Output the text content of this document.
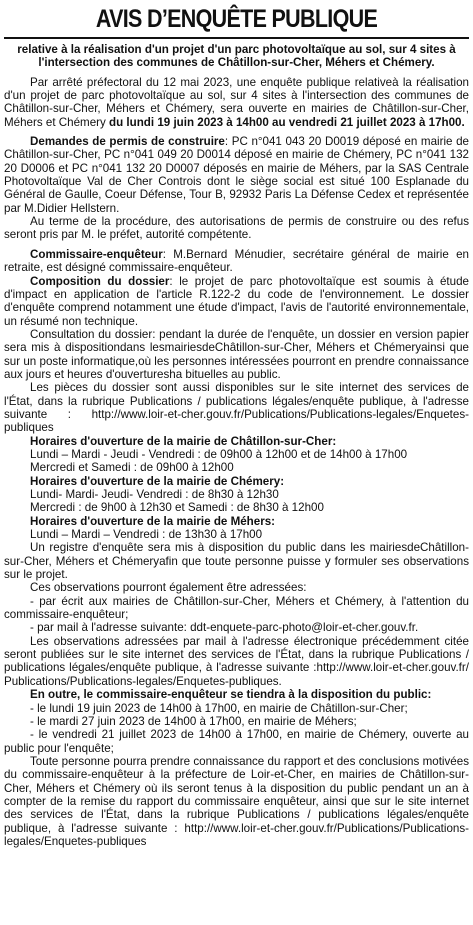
AVIS D’ENQUÊTE PUBLIQUE

relative à la réalisation d'un projet d'un parc photovoltaïque au sol, sur 4 sites à l'intersection des communes de Châtillon-sur-Cher, Méhers et Chémery.

Par arrêté préfectoral du 12 mai 2023, une enquête publique relativeà la réalisation d'un projet de parc photovoltaïque au sol, sur 4 sites à l'intersection des communes de Châtillon-sur-Cher, Méhers et Chémery, sera ouverte en mairies de Châtillon-sur-Cher, Méhers et Chémery du lundi 19 juin 2023 à 14h00 au vendredi 21 juillet 2023 à 17h00.

Demandes de permis de construire: PC n°041 043 20 D0019 déposé en mairie de Châtillon-sur-Cher, PC n°041 049 20 D0014 déposé en mairie de Chémery, PC n°041 132 20 D0006 et PC n°041 132 20 D0007 déposés en mairie de Méhers, par la SAS Centrale Photovoltaïque Val de Cher Controis dont le siège social est situé 100 Esplanade du Général de Gaulle, Coeur Défense, Tour B, 92932 Paris La Défense Cedex et représentée par M.Didier Hellstern.

Au terme de la procédure, des autorisations de permis de construire ou des refus seront pris par M. le préfet, autorité compétente.

Commissaire-enquêteur: M.Bernard Ménudier, secrétaire général de mairie en retraite, est désigné commissaire-enquêteur.

Composition du dossier: le projet de parc photovoltaïque est soumis à étude d'impact en application de l'article R.122-2 du code de l'environnement. Le dossier d'enquête comprend notamment une étude d'impact, l'avis de l'autorité environnementale, un résumé non technique.

Consultation du dossier: pendant la durée de l'enquête, un dossier en version papier sera mis à dispositiondans lesmairiesdeChâtillon-sur-Cher, Méhers et Chémeryainsi que sur un poste informatique,où les personnes intéressées pourront en prendre connaissance aux jours et heures d'ouverturesha bituelles au public.

Les pièces du dossier sont aussi disponibles sur le site internet des services de l'État, dans la rubrique Publications / publications légales/enquête publique, à l'adresse suivante : http://www.loir-et-cher.gouv.fr/Publications/Publications-legales/Enquetes-publiques

Horaires d'ouverture de la mairie de Châtillon-sur-Cher:

Lundi – Mardi - Jeudi - Vendredi : de 09h00 à 12h00 et de 14h00 à 17h00

Mercredi et Samedi : de 09h00 à 12h00

Horaires d'ouverture de la mairie de Chémery:

Lundi- Mardi- Jeudi- Vendredi : de 8h30 à 12h30

Mercredi : de 9h00 à 12h30 et Samedi : de 8h30 à 12h00

Horaires d'ouverture de la mairie de Méhers:

Lundi – Mardi – Vendredi : de 13h30 à 17h00

Un registre d'enquête sera mis à disposition du public dans les mairiesdeChâtillon-sur-Cher, Méhers et Chémeryafin que toute personne puisse y formuler ses observations sur le projet.

Ces observations pourront également être adressées:

- par écrit aux mairies de Châtillon-sur-Cher, Méhers et Chémery, à l'attention du commissaire-enquêteur;

- par mail à l'adresse suivante: ddt-enquete-parc-photo@loir-et-cher.gouv.fr.

Les observations adressées par mail à l'adresse électronique précédemment citée seront publiées sur le site internet des services de l'État, dans la rubrique Publications / publications légales/enquête publique, à l'adresse suivante :http://www.loir-et-cher.gouv.fr/ Publications/Publications-legales/Enquetes-publiques.

En outre, le commissaire-enquêteur se tiendra à la disposition du public:

- le lundi 19 juin 2023 de 14h00 à 17h00, en mairie de Châtillon-sur-Cher;

- le mardi 27 juin 2023 de 14h00 à 17h00, en mairie de Méhers;

- le vendredi 21 juillet 2023 de 14h00 à 17h00, en mairie de Chémery, ouverte au public pour l'enquête;

Toute personne pourra prendre connaissance du rapport et des conclusions motivées du commissaire-enquêteur à la préfecture de Loir-et-Cher, en mairies de Châtillon-sur-Cher, Méhers et Chémery où ils seront tenus à la disposition du public pendant un an à compter de la remise du rapport du commissaire enquêteur, ainsi que sur le site internet des services de l'État, dans la rubrique Publications / publications légales/enquête publique, à l'adresse suivante : http://www.loir-et-cher.gouv.fr/Publications/Publications-legales/Enquetes-publiques
